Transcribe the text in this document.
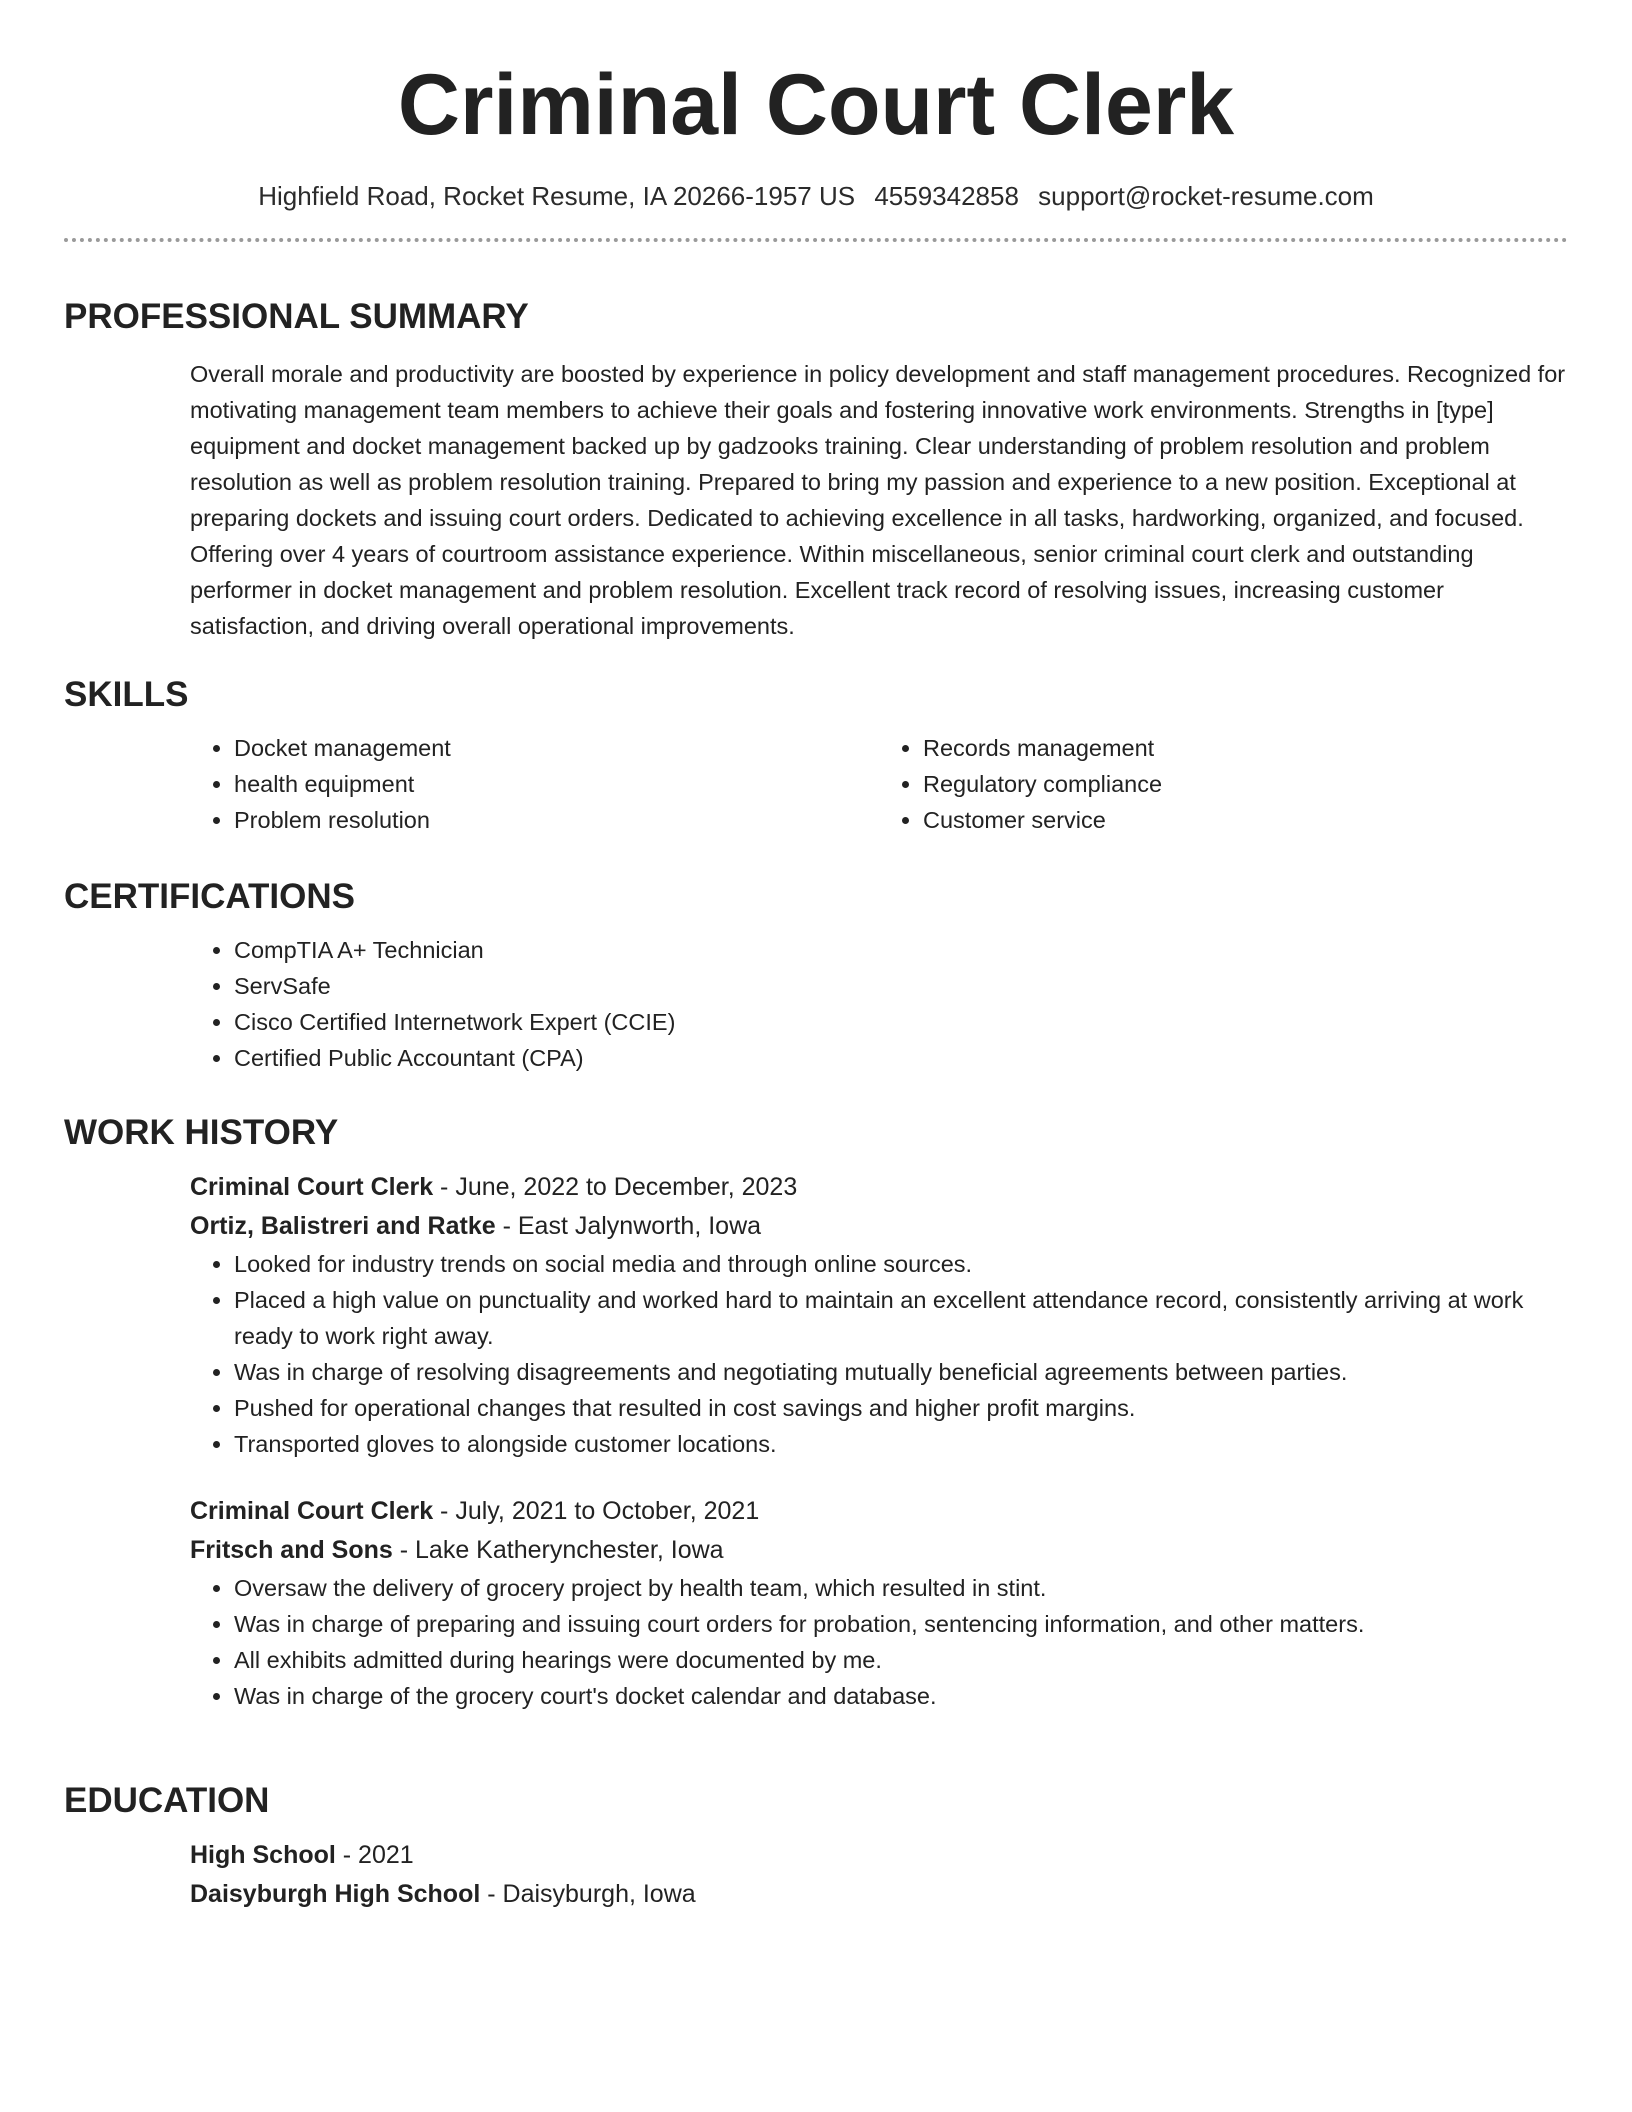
Criminal Court Clerk
Highfield Road, Rocket Resume, IA 20266-1957 US 4559342858 support@rocket-resume.com
PROFESSIONAL SUMMARY
Overall morale and productivity are boosted by experience in policy development and staff management procedures. Recognized for motivating management team members to achieve their goals and fostering innovative work environments. Strengths in [type] equipment and docket management backed up by gadzooks training. Clear understanding of problem resolution and problem resolution as well as problem resolution training. Prepared to bring my passion and experience to a new position. Exceptional at preparing dockets and issuing court orders. Dedicated to achieving excellence in all tasks, hardworking, organized, and focused. Offering over 4 years of courtroom assistance experience. Within miscellaneous, senior criminal court clerk and outstanding performer in docket management and problem resolution. Excellent track record of resolving issues, increasing customer satisfaction, and driving overall operational improvements.
SKILLS
• Docket management
• health equipment
• Problem resolution
• Records management
• Regulatory compliance
• Customer service
CERTIFICATIONS
• CompTIA A+ Technician
• ServSafe
• Cisco Certified Internetwork Expert (CCIE)
• Certified Public Accountant (CPA)
WORK HISTORY
Criminal Court Clerk - June, 2022 to December, 2023
Ortiz, Balistreri and Ratke - East Jalynworth, Iowa
• Looked for industry trends on social media and through online sources.
• Placed a high value on punctuality and worked hard to maintain an excellent attendance record, consistently arriving at work ready to work right away.
• Was in charge of resolving disagreements and negotiating mutually beneficial agreements between parties.
• Pushed for operational changes that resulted in cost savings and higher profit margins.
• Transported gloves to alongside customer locations.
Criminal Court Clerk - July, 2021 to October, 2021
Fritsch and Sons - Lake Katherynchester, Iowa
• Oversaw the delivery of grocery project by health team, which resulted in stint.
• Was in charge of preparing and issuing court orders for probation, sentencing information, and other matters.
• All exhibits admitted during hearings were documented by me.
• Was in charge of the grocery court's docket calendar and database.
EDUCATION
High School - 2021
Daisyburgh High School - Daisyburgh, Iowa
